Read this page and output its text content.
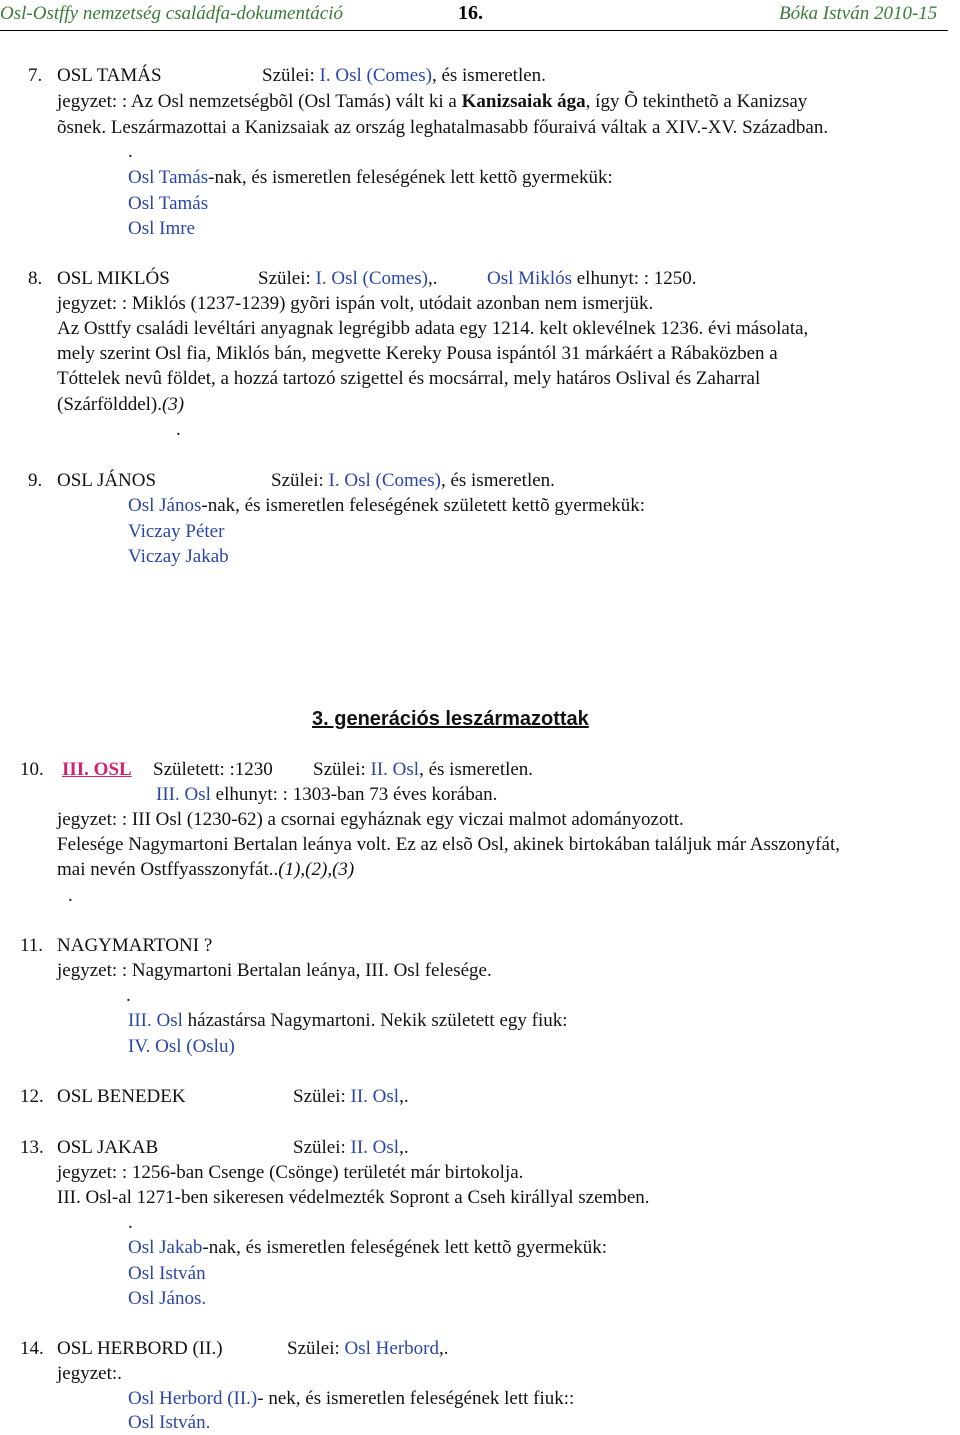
Osl-Ostffy nemzetség családfa-dokumentáció	16.	Bóka István 2010-15
7. OSL TAMÁS	Szülei: I. Osl (Comes), és ismeretlen.
jegyzet: : Az Osl nemzetségbõl (Osl Tamás) vált ki a Kanizsaiak ága, így Õ tekinthetõ a Kanizsay
õsnek. Leszármazottai a Kanizsaiak az ország leghatalmasabb főuraivá váltak a XIV.-XV. Században.
.
Osl Tamás-nak, és ismeretlen feleségének lett kettõ gyermekük:
Osl Tamás
Osl Imre
8. OSL MIKLÓS	Szülei: I. Osl (Comes),.	Osl Miklós elhunyt: : 1250.
jegyzet: : Miklós (1237-1239) gyõri ispán volt, utódait azonban nem ismerjük.
Az Osttfy családi levéltári anyagnak legrégibb adata egy 1214. kelt oklevélnek 1236. évi másolata,
mely szerint Osl fia, Miklós bán, megvette Kereky Pousa ispántól 31 márkáért a Rábaközben a
Tóttelek nevû földet, a hozzá tartozó szigettel és mocsárral, mely határos Oslival és Zaharral
(Szárfölddel).(3)
.
9. OSL JÁNOS	Szülei: I. Osl (Comes), és ismeretlen.
Osl János-nak, és ismeretlen feleségének született kettõ gyermekük:
Viczay Péter
Viczay Jakab
3. generációs leszármazottak
10. III. OSL Született: :1230 Szülei: II. Osl, és ismeretlen.
III. Osl elhunyt: : 1303-ban 73 éves korában.
jegyzet: : III Osl (1230-62) a csornai egyháznak egy viczai malmot adományozott.
Felesége Nagymartoni Bertalan leánya volt. Ez az elsõ Osl, akinek birtokában találjuk már Asszonyfát,
mai nevén Ostffyasszonyfát..(1),(2),(3)
.
11. NAGYMARTONI ?
jegyzet: : Nagymartoni Bertalan leánya, III. Osl felesége.
.
III. Osl házastársa Nagymartoni. Nekik született egy fiuk:
IV. Osl (Oslu)
12. OSL BENEDEK	Szülei: II. Osl,.
13. OSL JAKAB	Szülei: II. Osl,.
jegyzet: : 1256-ban Csenge (Csönge) területét már birtokolja.
III. Osl-al 1271-ben sikeresen védelmezték Sopront a Cseh királlyal szemben.
.
Osl Jakab-nak, és ismeretlen feleségének lett kettõ gyermekük:
Osl István
Osl János.
14. OSL HERBORD (II.)	Szülei: Osl Herbord,.
jegyzet:.
Osl Herbord (II.)- nek, és ismeretlen feleségének lett fiuk::
Osl István.
